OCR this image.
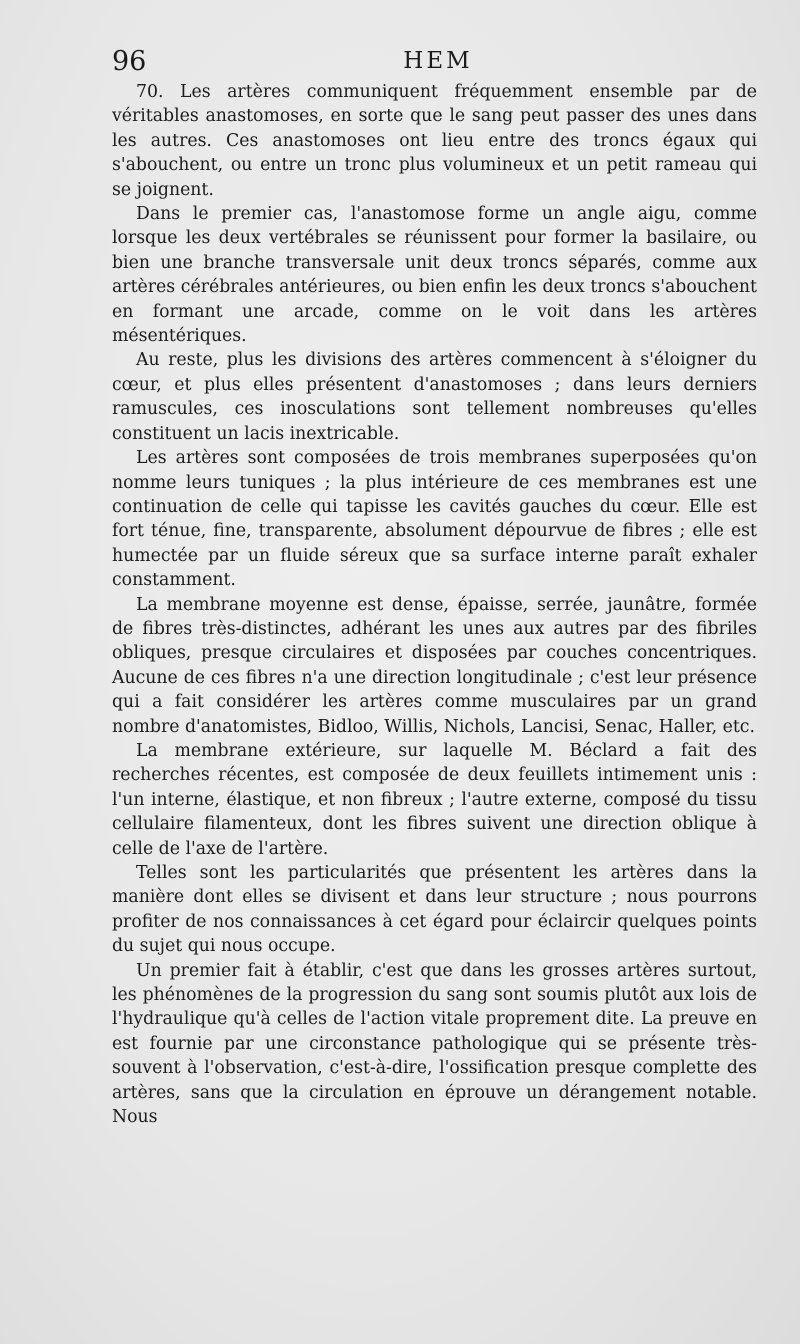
96	HEM

70. Les artères communiquent fréquemment ensemble par de véritables anastomoses, en sorte que le sang peut passer des unes dans les autres. Ces anastomoses ont lieu entre des troncs égaux qui s'abouchent, ou entre un tronc plus volumineux et un petit rameau qui se joignent.

Dans le premier cas, l'anastomose forme un angle aigu, comme lorsque les deux vertébrales se réunissent pour former la basilaire, ou bien une branche transversale unit deux troncs séparés, comme aux artères cérébrales antérieures, ou bien enfin les deux troncs s'abouchent en formant une arcade, comme on le voit dans les artères mésentériques.

Au reste, plus les divisions des artères commencent à s'éloigner du cœur, et plus elles présentent d'anastomoses ; dans leurs derniers ramuscules, ces inosculations sont tellement nombreuses qu'elles constituent un lacis inextricable.

Les artères sont composées de trois membranes superposées qu'on nomme leurs tuniques ; la plus intérieure de ces membranes est une continuation de celle qui tapisse les cavités gauches du cœur. Elle est fort ténue, fine, transparente, absolument dépourvue de fibres ; elle est humectée par un fluide séreux que sa surface interne paraît exhaler constamment.

La membrane moyenne est dense, épaisse, serrée, jaunâtre, formée de fibres très-distinctes, adhérant les unes aux autres par des fibriles obliques, presque circulaires et disposées par couches concentriques. Aucune de ces fibres n'a une direction longitudinale ; c'est leur présence qui a fait considérer les artères comme musculaires par un grand nombre d'anatomistes, Bidloo, Willis, Nichols, Lancisi, Senac, Haller, etc.

La membrane extérieure, sur laquelle M. Béclard a fait des recherches récentes, est composée de deux feuillets intimement unis : l'un interne, élastique, et non fibreux ; l'autre externe, composé du tissu cellulaire filamenteux, dont les fibres suivent une direction oblique à celle de l'axe de l'artère.

Telles sont les particularités que présentent les artères dans la manière dont elles se divisent et dans leur structure ; nous pourrons profiter de nos connaissances à cet égard pour éclaircir quelques points du sujet qui nous occupe.

Un premier fait à établir, c'est que dans les grosses artères surtout, les phénomènes de la progression du sang sont soumis plutôt aux lois de l'hydraulique qu'à celles de l'action vitale proprement dite. La preuve en est fournie par une circonstance pathologique qui se présente très-souvent à l'observation, c'est-à-dire, l'ossification presque complette des artères, sans que la circulation en éprouve un dérangement notable. Nous
